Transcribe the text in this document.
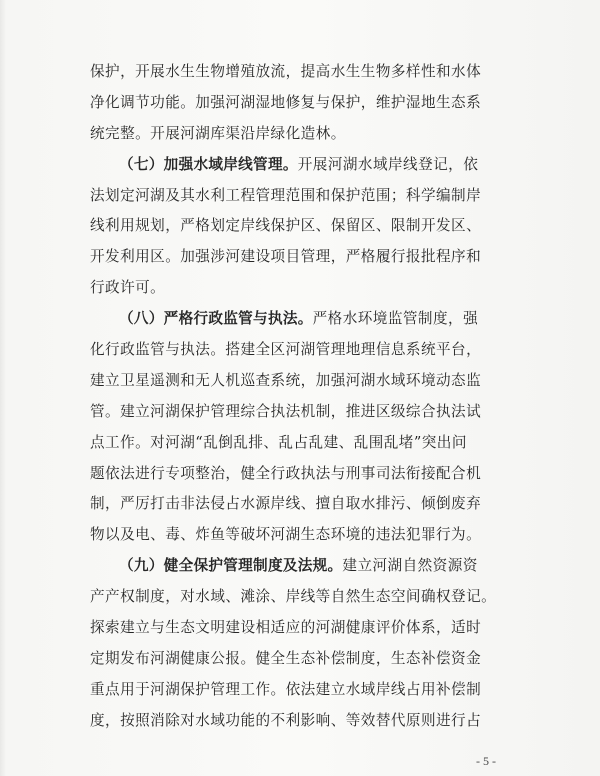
保护，开展水生生物增殖放流，提高水生生物多样性和水体
净化调节功能。加强河湖湿地修复与保护，维护湿地生态系
统完整。开展河湖库渠沿岸绿化造林。
（七）加强水域岸线管理。开展河湖水域岸线登记，依
法划定河湖及其水利工程管理范围和保护范围；科学编制岸
线利用规划，严格划定岸线保护区、保留区、限制开发区、
开发利用区。加强涉河建设项目管理，严格履行报批程序和
行政许可。
（八）严格行政监管与执法。严格水环境监管制度，强
化行政监管与执法。搭建全区河湖管理地理信息系统平台，
建立卫星遥测和无人机巡查系统，加强河湖水域环境动态监
管。建立河湖保护管理综合执法机制，推进区级综合执法试
点工作。对河湖“乱倒乱排、乱占乱建、乱围乱堵”突出问
题依法进行专项整治，健全行政执法与刑事司法衔接配合机
制，严厉打击非法侵占水源岸线、擅自取水排污、倾倒废弃
物以及电、毒、炸鱼等破坏河湖生态环境的违法犯罪行为。
（九）健全保护管理制度及法规。建立河湖自然资源资
产产权制度，对水域、滩涂、岸线等自然生态空间确权登记。
探索建立与生态文明建设相适应的河湖健康评价体系，适时
定期发布河湖健康公报。健全生态补偿制度，生态补偿资金
重点用于河湖保护管理工作。依法建立水域岸线占用补偿制
度，按照消除对水域功能的不利影响、等效替代原则进行占
- 5 -
